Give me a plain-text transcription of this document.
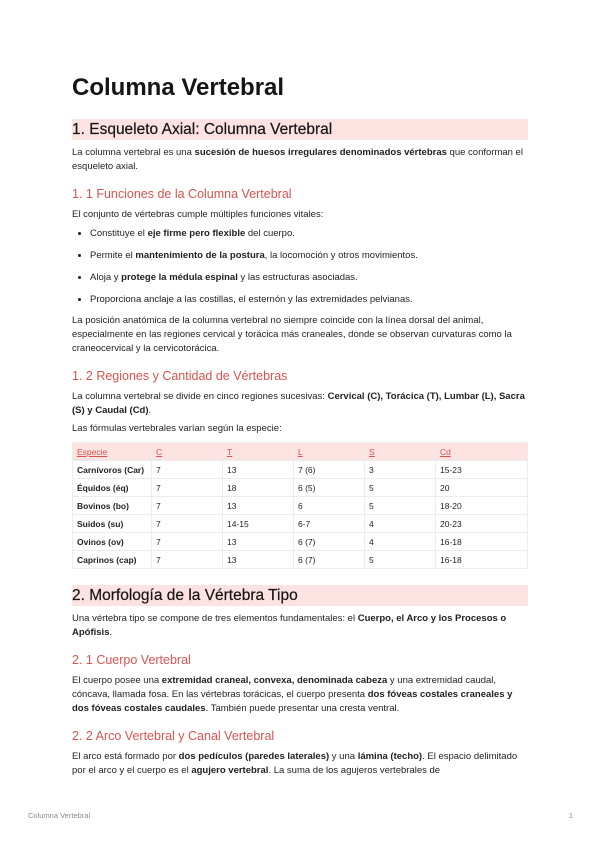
Columna Vertebral
1. Esqueleto Axial: Columna Vertebral

La columna vertebral es una sucesión de huesos irregulares denominados vértebras que conforman el esqueleto axial.

1. 1 Funciones de la Columna Vertebral

El conjunto de vértebras cumple múltiples funciones vitales:

• Constituye el eje firme pero flexible del cuerpo.
• Permite el mantenimiento de la postura, la locomoción y otros movimientos.
• Aloja y protege la médula espinal y las estructuras asociadas.
• Proporciona anclaje a las costillas, el esternón y las extremidades pelvianas.

La posición anatómica de la columna vertebral no siempre coincide con la línea dorsal del animal, especialmente en las regiones cervical y torácica más craneales, donde se observan curvaturas como la craneocervical y la cervicotorácica.

1. 2 Regiones y Cantidad de Vértebras

La columna vertebral se divide en cinco regiones sucesivas: Cervical (C), Torácica (T), Lumbar (L), Sacra (S) y Caudal (Cd).

Las fórmulas vertebrales varían según la especie:

Especie	C	T	L	S	Cd
Carnívoros (Car)	7	13	7 (6)	3	15-23
Équidos (éq)	7	18	6 (5)	5	20
Bovinos (bo)	7	13	6	5	18-20
Suidos (su)	7	14-15	6-7	4	20-23
Ovinos (ov)	7	13	6 (7)	4	16-18
Caprinos (cap)	7	13	6 (7)	5	16-18
2. Morfología de la Vértebra Tipo

Una vértebra tipo se compone de tres elementos fundamentales: el Cuerpo, el Arco y los Procesos o Apófisis.

2. 1 Cuerpo Vertebral

El cuerpo posee una extremidad craneal, convexa, denominada cabeza y una extremidad caudal, cóncava, llamada fosa. En las vértebras torácicas, el cuerpo presenta dos fóveas costales craneales y dos fóveas costales caudales. También puede presentar una cresta ventral.

2. 2 Arco Vertebral y Canal Vertebral

El arco está formado por dos pedículos (paredes laterales) y una lámina (techo). El espacio delimitado por el arco y el cuerpo es el agujero vertebral. La suma de los agujeros vertebrales de

Columna Vertebral	1
